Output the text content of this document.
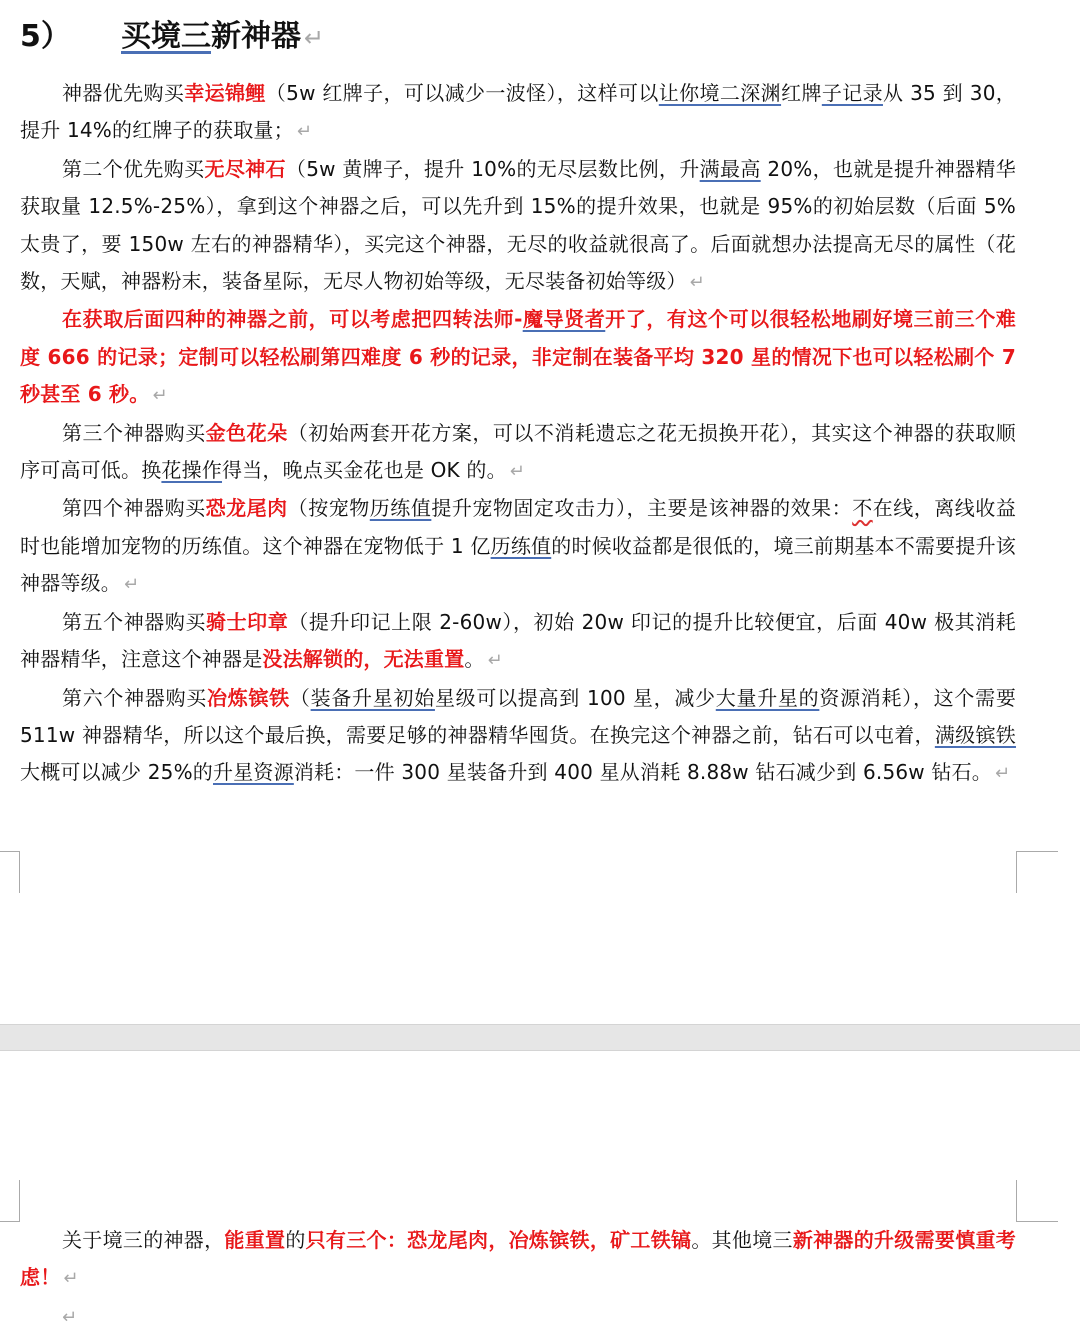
5） 买境三新神器 ↵

神器优先购买幸运锦鲤（5w 红牌子，可以减少一波怪），这样可以让你境二深渊红牌子记录从 35 到 30，提升 14%的红牌子的获取量； ↵

第二个优先购买无尽神石（5w 黄牌子，提升 10%的无尽层数比例，升满最高 20%，也就是提升神器精华获取量 12.5%-25%），拿到这个神器之后，可以先升到 15%的提升效果，也就是 95%的初始层数（后面 5%太贵了，要 150w 左右的神器精华），买完这个神器，无尽的收益就很高了。后面就想办法提高无尽的属性（花数，天赋，神器粉末，装备星际，无尽人物初始等级，无尽装备初始等级） ↵

在获取后面四种的神器之前，可以考虑把四转法师-魔导贤者开了，有这个可以很轻松地刷好境三前三个难度 666 的记录；定制可以轻松刷第四难度 6 秒的记录，非定制在装备平均 320 星的情况下也可以轻松刷个 7 秒甚至 6 秒。 ↵

第三个神器购买金色花朵（初始两套开花方案，可以不消耗遗忘之花无损换开花），其实这个神器的获取顺序可高可低。换花操作得当，晚点买金花也是 OK 的。 ↵

第四个神器购买恐龙尾肉（按宠物历练值提升宠物固定攻击力），主要是该神器的效果：不在线，离线收益时也能增加宠物的历练值。这个神器在宠物低于 1 亿历练值的时候收益都是很低的，境三前期基本不需要提升该神器等级。 ↵

第五个神器购买骑士印章（提升印记上限 2-60w），初始 20w 印记的提升比较便宜，后面 40w 极其消耗神器精华，注意这个神器是没法解锁的，无法重置。 ↵

第六个神器购买冶炼镔铁（装备升星初始星级可以提高到 100 星，减少大量升星的资源消耗），这个需要 511w 神器精华，所以这个最后换，需要足够的神器精华囤货。在换完这个神器之前，钻石可以屯着，满级镔铁大概可以减少 25%的升星资源消耗：一件 300 星装备升到 400 星从消耗 8.88w 钻石减少到 6.56w 钻石。 ↵

关于境三的神器，能重置的只有三个：恐龙尾肉，冶炼镔铁，矿工铁镐。其他境三新神器的升级需要慎重考虑！ ↵

↵
